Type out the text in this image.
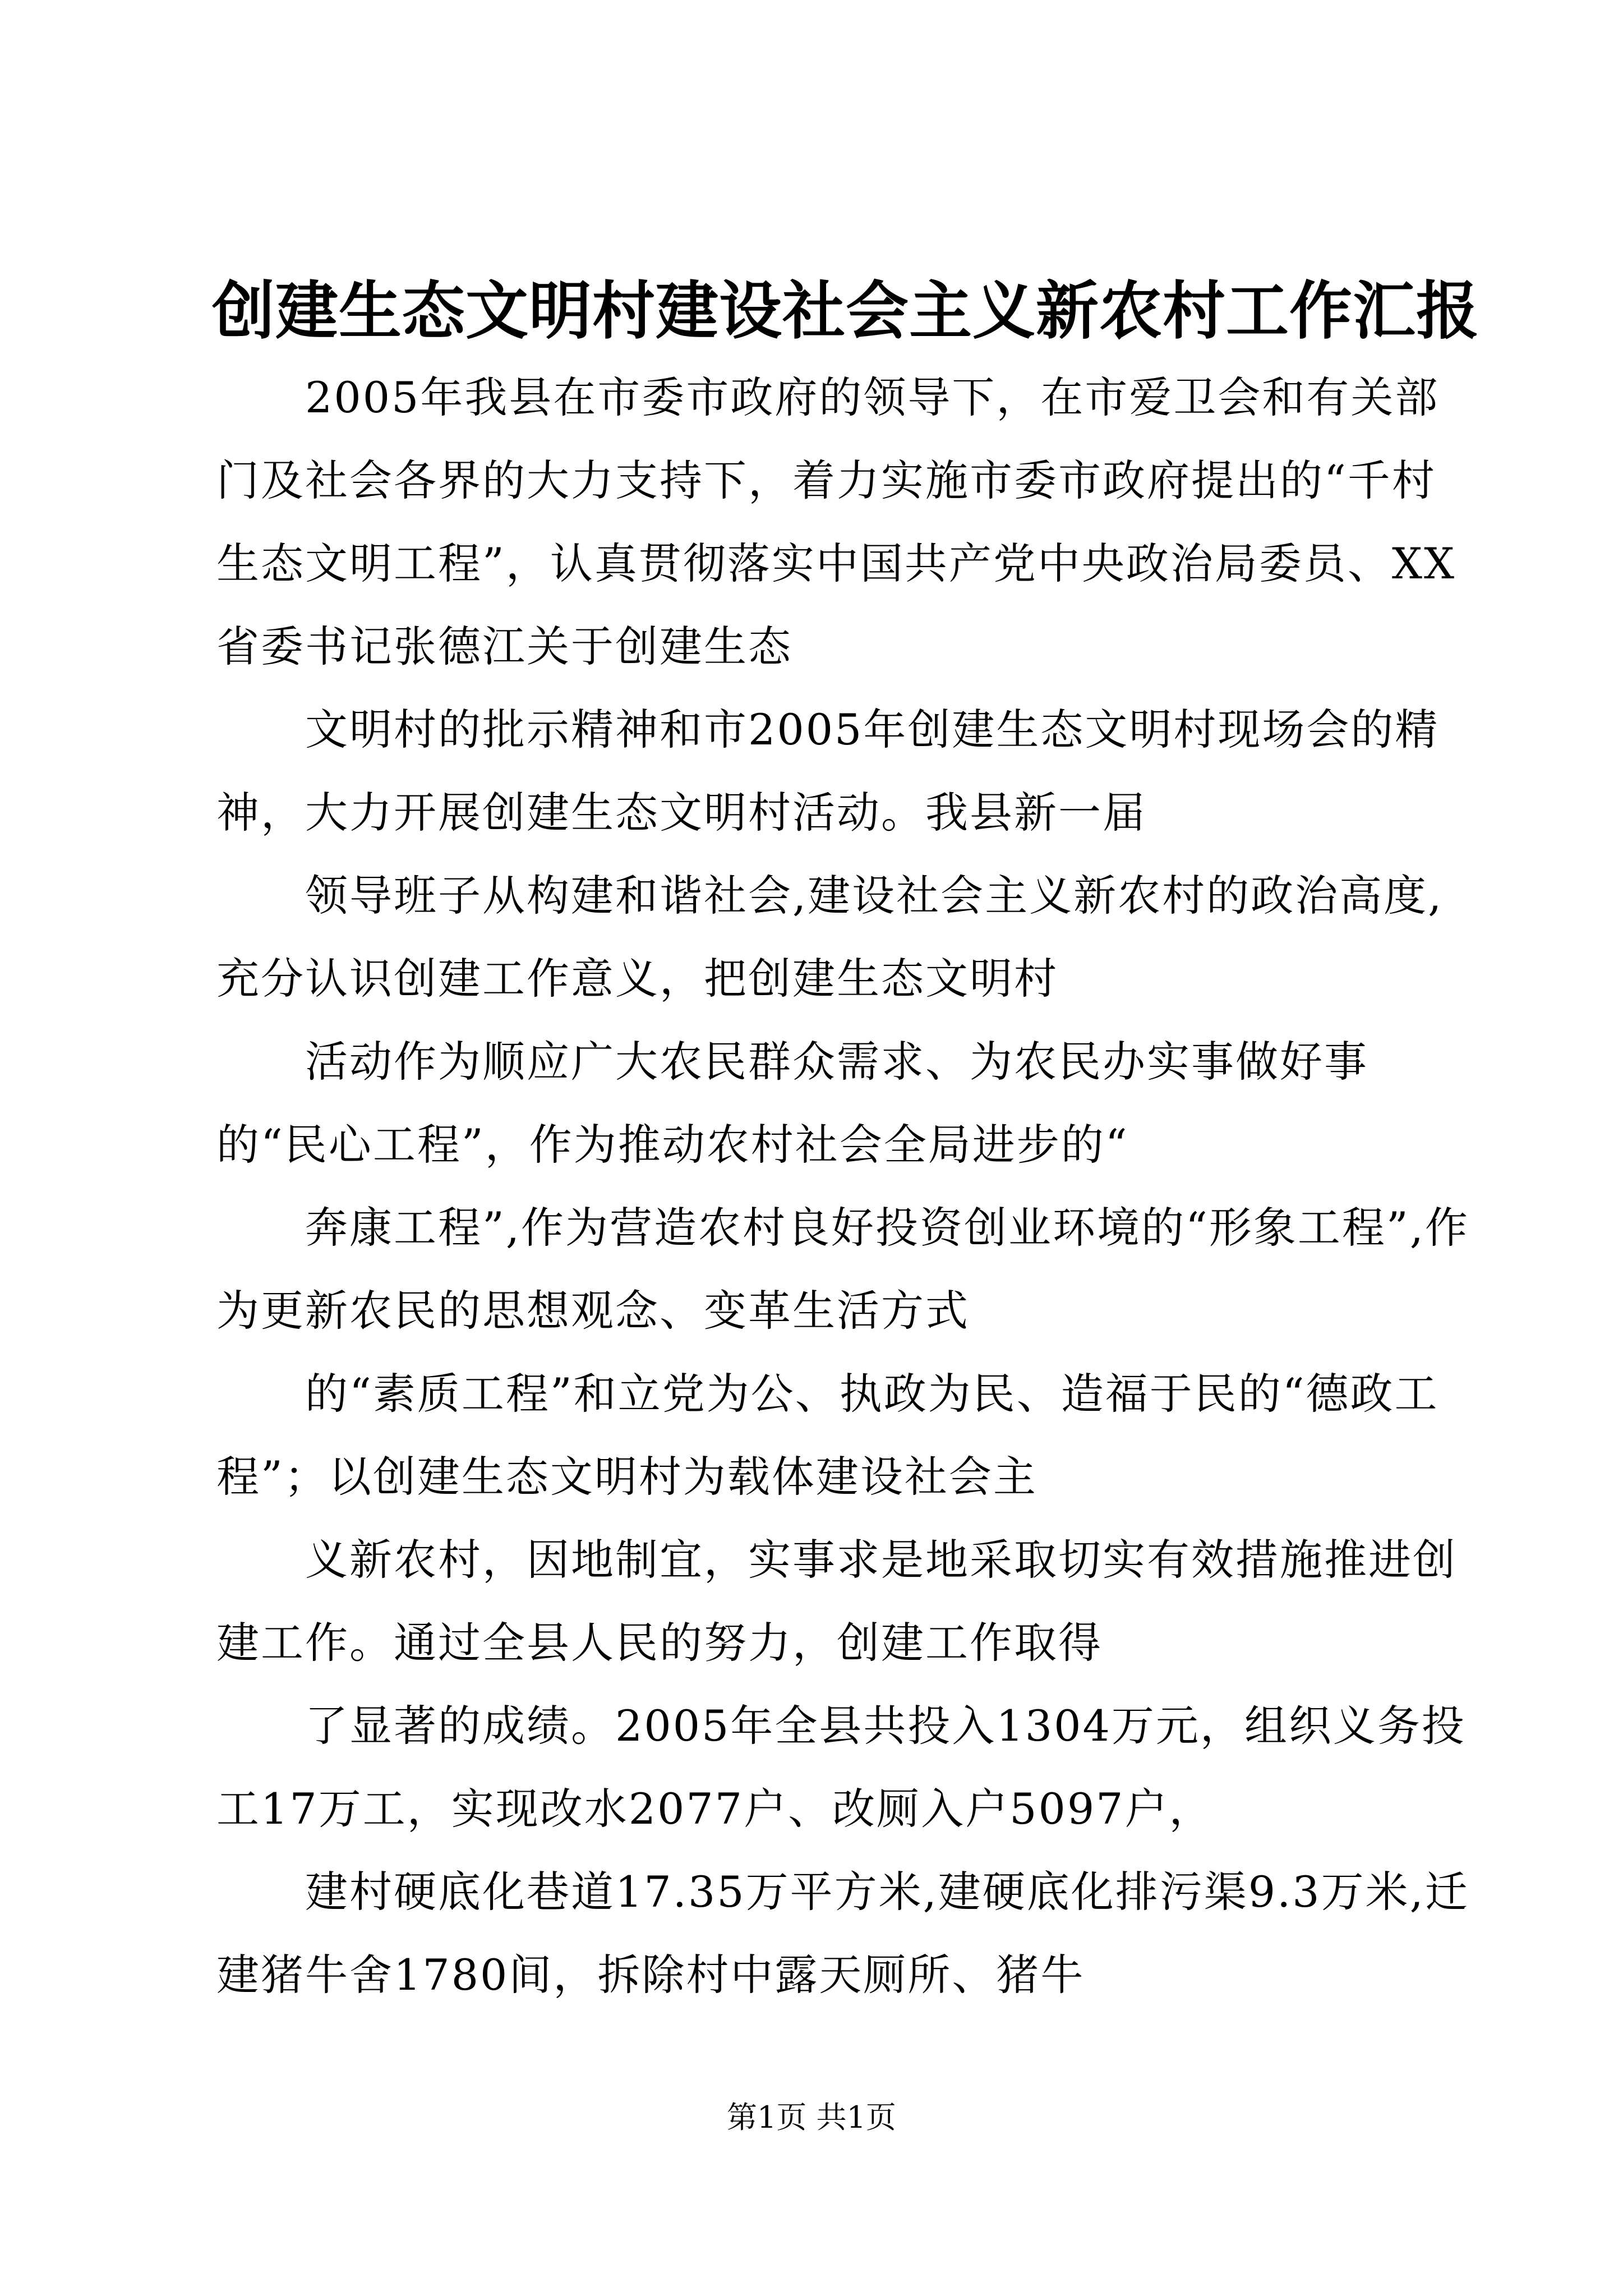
创建生态文明村建设社会主义新农村工作汇报

2005年我县在市委市政府的领导下，在市爱卫会和有关部门及社会各界的大力支持下，着力实施市委市政府提出的“千村生态文明工程”，认真贯彻落实中国共产党中央政治局委员、XX省委书记张德江关于创建生态

文明村的批示精神和市2005年创建生态文明村现场会的精神，大力开展创建生态文明村活动。我县新一届

领导班子从构建和谐社会,建设社会主义新农村的政治高度,充分认识创建工作意义，把创建生态文明村

活动作为顺应广大农民群众需求、为农民办实事做好事的“民心工程”，作为推动农村社会全局进步的“

奔康工程”,作为营造农村良好投资创业环境的“形象工程”,作为更新农民的思想观念、变革生活方式

的“素质工程”和立党为公、执政为民、造福于民的“德政工程”；以创建生态文明村为载体建设社会主

义新农村，因地制宜，实事求是地采取切实有效措施推进创建工作。通过全县人民的努力，创建工作取得

了显著的成绩。2005年全县共投入1304万元，组织义务投工17万工，实现改水2077户、改厕入户5097户，

建村硬底化巷道17.35万平方米,建硬底化排污渠9.3万米,迁建猪牛舍1780间，拆除村中露天厕所、猪牛

第1页 共1页
